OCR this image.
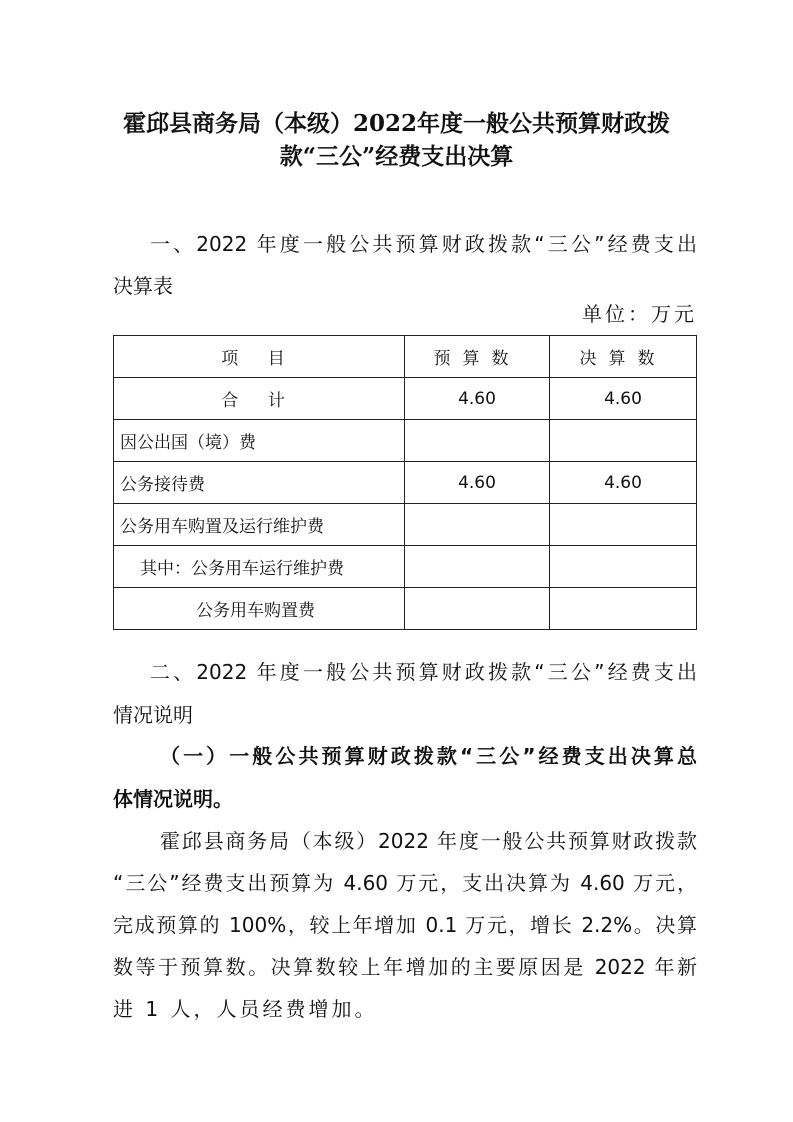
霍邱县商务局（本级）2022年度一般公共预算财政拨
款“三公”经费支出决算
一、2022 年度一般公共预算财政拨款“三公”经费支出
决算表
单位：万元
项 目	预算数	决算数
合 计	4.60	4.60
因公出国（境）费		
公务接待费	4.60	4.60
公务用车购置及运行维护费		
其中：公务用车运行维护费		
公务用车购置费		
二、2022 年度一般公共预算财政拨款“三公”经费支出
情况说明
（一）一般公共预算财政拨款“三公”经费支出决算总
体情况说明。
霍邱县商务局（本级）2022 年度一般公共预算财政拨款
“三公”经费支出预算为 4.60 万元，支出决算为 4.60 万元，
完成预算的 100%，较上年增加 0.1 万元，增长 2.2%。决算
数等于预算数。决算数较上年增加的主要原因是 2022 年新
进 1 人，人员经费增加。
